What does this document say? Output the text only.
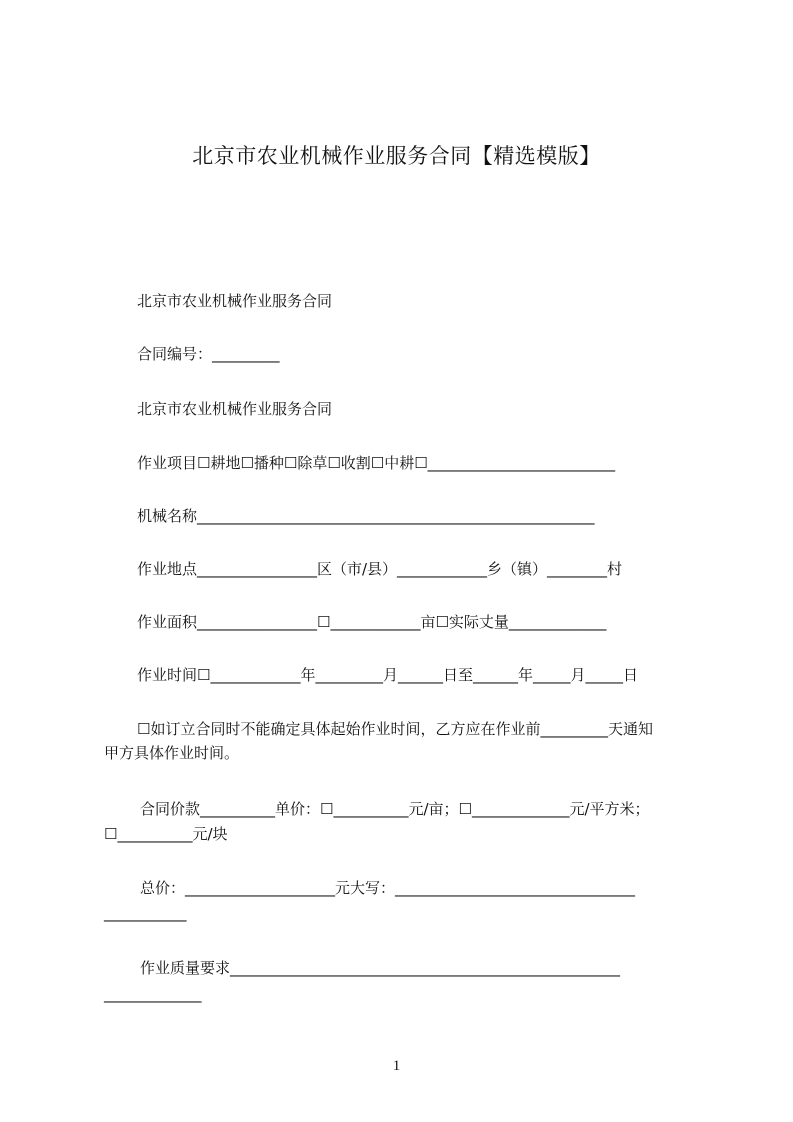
北京市农业机械作业服务合同【精选模版】
北京市农业机械作业服务合同
合同编号：_________
北京市农业机械作业服务合同
作业项目☐耕地☐播种☐除草☐收割☐中耕☐_________________________
机械名称_____________________________________________________
作业地点________________区（市/县）____________乡（镇）________村
作业面积________________☐____________亩☐实际丈量_____________
作业时间☐____________年_________月______日至______年_____月_____日
☐如订立合同时不能确定具体起始作业时间，乙方应在作业前_________天通知
甲方具体作业时间。
合同价款__________单价：☐__________元/亩；☐_____________元/平方米；
☐__________元/块
总价：____________________元大写：________________________________
___________
作业质量要求____________________________________________________
_____________
1
